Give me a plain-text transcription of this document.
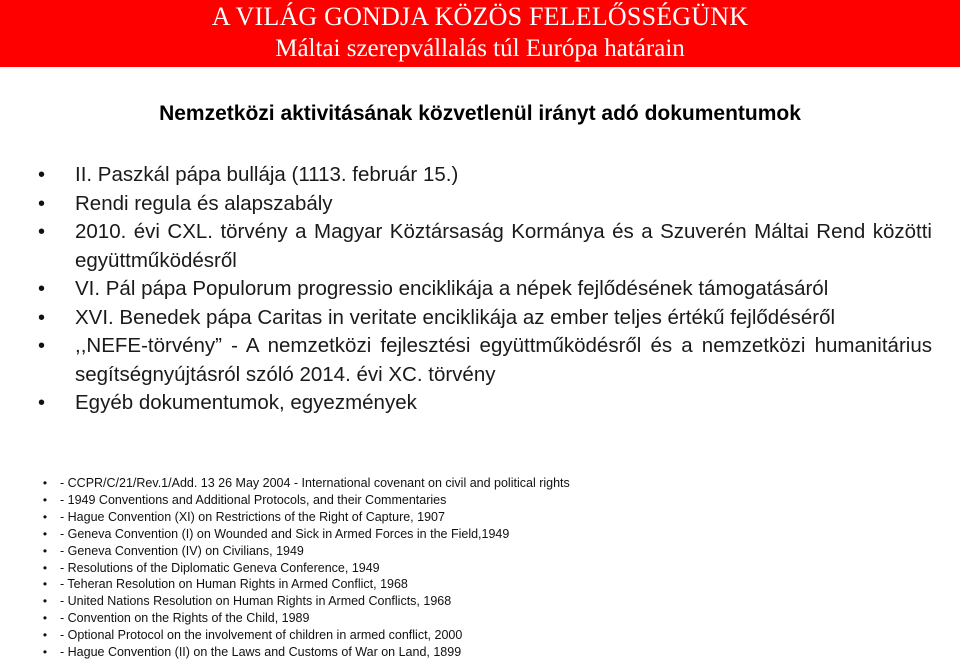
A VILÁG GONDJA KÖZÖS FELELŐSSÉGÜNK
Máltai szerepvállalás túl Európa határain
Nemzetközi aktivitásának közvetlenül irányt adó dokumentumok
•	II. Paszkál pápa bullája (1113. február 15.)
•	Rendi regula és alapszabály
•	2010. évi CXL. törvény a Magyar Köztársaság Kormánya és a Szuverén Máltai Rend közötti együttműködésről
•	VI. Pál pápa Populorum progressio enciklikája a népek fejlődésének támogatásáról
•	XVI. Benedek pápa Caritas in veritate enciklikája az ember teljes értékű fejlődéséről
•	,,NEFE-törvény” - A nemzetközi fejlesztési együttműködésről és a nemzetközi humanitárius segítségnyújtásról szóló 2014. évi XC. törvény
•	Egyéb dokumentumok, egyezmények
•	- CCPR/C/21/Rev.1/Add. 13 26 May 2004 - International covenant on civil and political rights
•	- 1949 Conventions and Additional Protocols, and their Commentaries
•	- Hague Convention (XI) on Restrictions of the Right of Capture, 1907
•	- Geneva Convention (I) on Wounded and Sick in Armed Forces in the Field,1949
•	- Geneva Convention (IV) on Civilians, 1949
•	- Resolutions of the Diplomatic Geneva Conference, 1949
•	- Teheran Resolution on Human Rights in Armed Conflict, 1968
•	- United Nations Resolution on Human Rights in Armed Conflicts, 1968
•	- Convention on the Rights of the Child, 1989
•	- Optional Protocol on the involvement of children in armed conflict, 2000
•	- Hague Convention (II) on the Laws and Customs of War on Land, 1899
